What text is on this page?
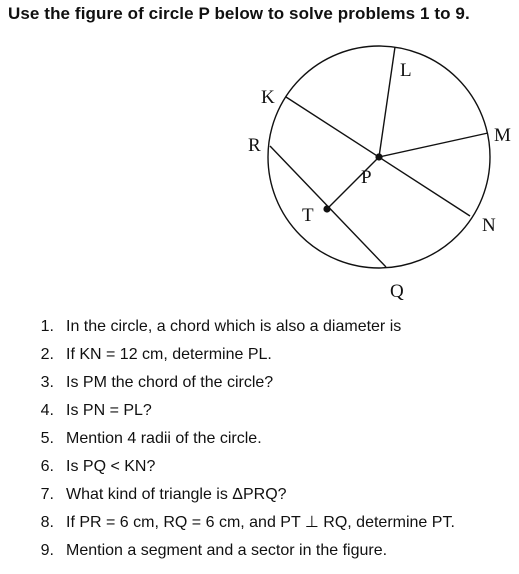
Use the figure of circle P below to solve problems 1 to 9.
L
K
R	M
P
T	N
Q
1. In the circle, a chord which is also a diameter is
2. If KN = 12 cm, determine PL.
3. Is PM the chord of the circle?
4. Is PN = PL?
5. Mention 4 radii of the circle.
6. Is PQ < KN?
7. What kind of triangle is ΔPRQ?
8. If PR = 6 cm, RQ = 6 cm, and PT ⊥ RQ, determine PT.
9. Mention a segment and a sector in the figure.
